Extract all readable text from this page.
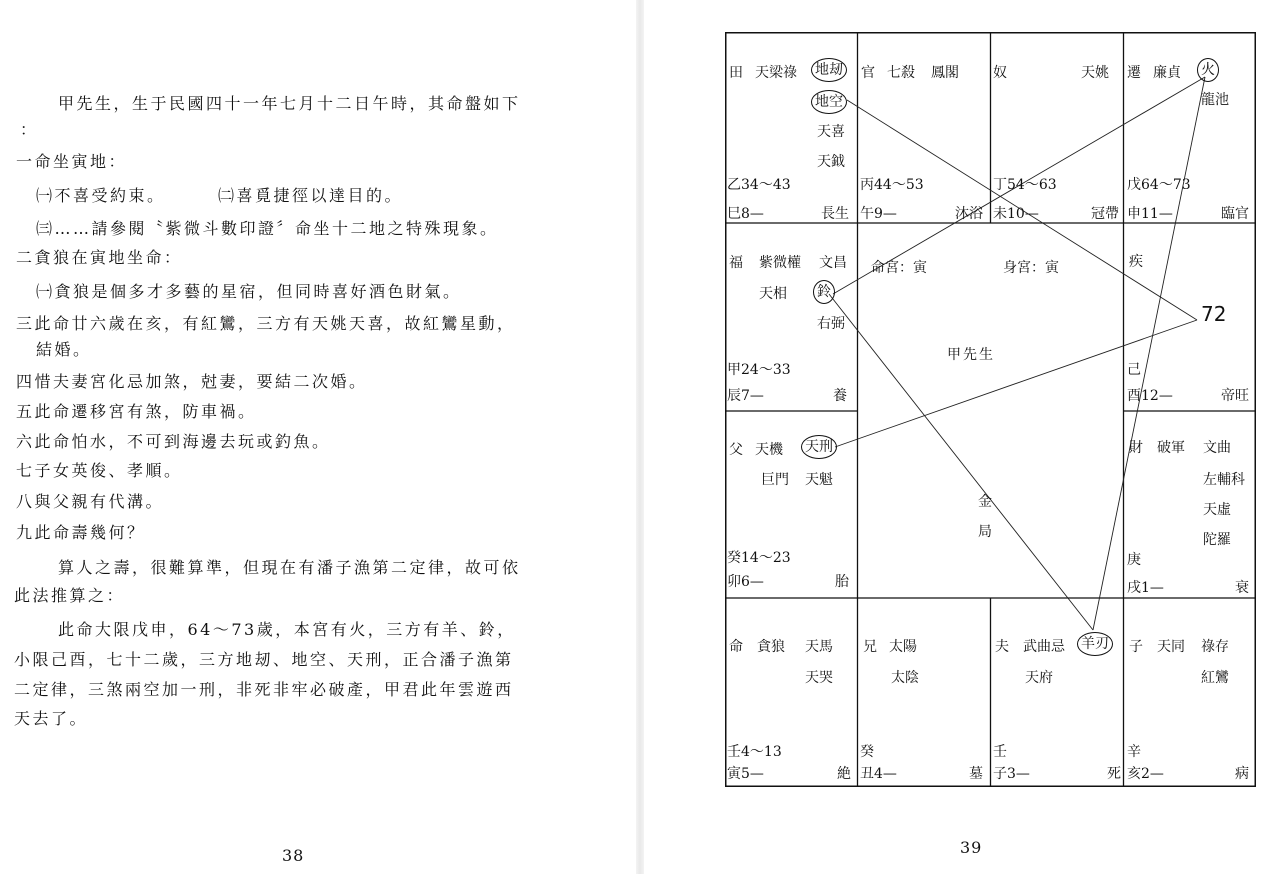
甲先生，生于民國四十一年七月十二日午時，其命盤如下
：
一命坐寅地：
㈠不喜受約束。	㈡喜覓捷徑以達目的。
㈢……請參閱〝紫微斗數印證〞命坐十二地之特殊現象。
二貪狼在寅地坐命：
㈠貪狼是個多才多藝的星宿，但同時喜好酒色財氣。
三此命廿六歲在亥，有紅鸞，三方有天姚天喜，故紅鸞星動，
結婚。
四惜夫妻宮化忌加煞，尅妻，要結二次婚。
五此命遷移宮有煞，防車禍。
六此命怕水，不可到海邊去玩或釣魚。
七子女英俊、孝順。
八與父親有代溝。
九此命壽幾何？
算人之壽，很難算準，但現在有潘子漁第二定律，故可依
此法推算之：
此命大限戊申，64～73歲，本宮有火，三方有羊、鈴，
小限己酉，七十二歲，三方地刼、地空、天刑，正合潘子漁第
二定律，三煞兩空加一刑，非死非牢必破產，甲君此年雲遊西
天去了。
38	39
田 天梁祿 地刼
地空
天喜
天鉞
乙34～43
巳8—	長生
官 七殺 鳳閣
丙44～53
午9—	沐浴
奴	天姚
丁54～63
未10—	冠帶
遷 廉貞 火
龍池
戊64～73
申11—	臨官
福 紫微權 文昌
天相 鈴
右弼
甲24～33
辰7—	養
疾
己
酉12—	帝旺
父 天機 天刑
巨門 天魁
癸14～23
卯6—	胎
財 破軍 文曲
左輔科
天虛
陀羅
庚
戌1—	衰
命 貪狼 天馬
天哭
壬4～13
寅5—	絶
兄 太陽
太陰
癸
丑4—	墓
夫 武曲忌 羊刃
天府
壬
子3—	死
子 天同 祿存
紅鸞
辛
亥2—	病
命宮：寅	身宮：寅
甲先生
金
局
72
